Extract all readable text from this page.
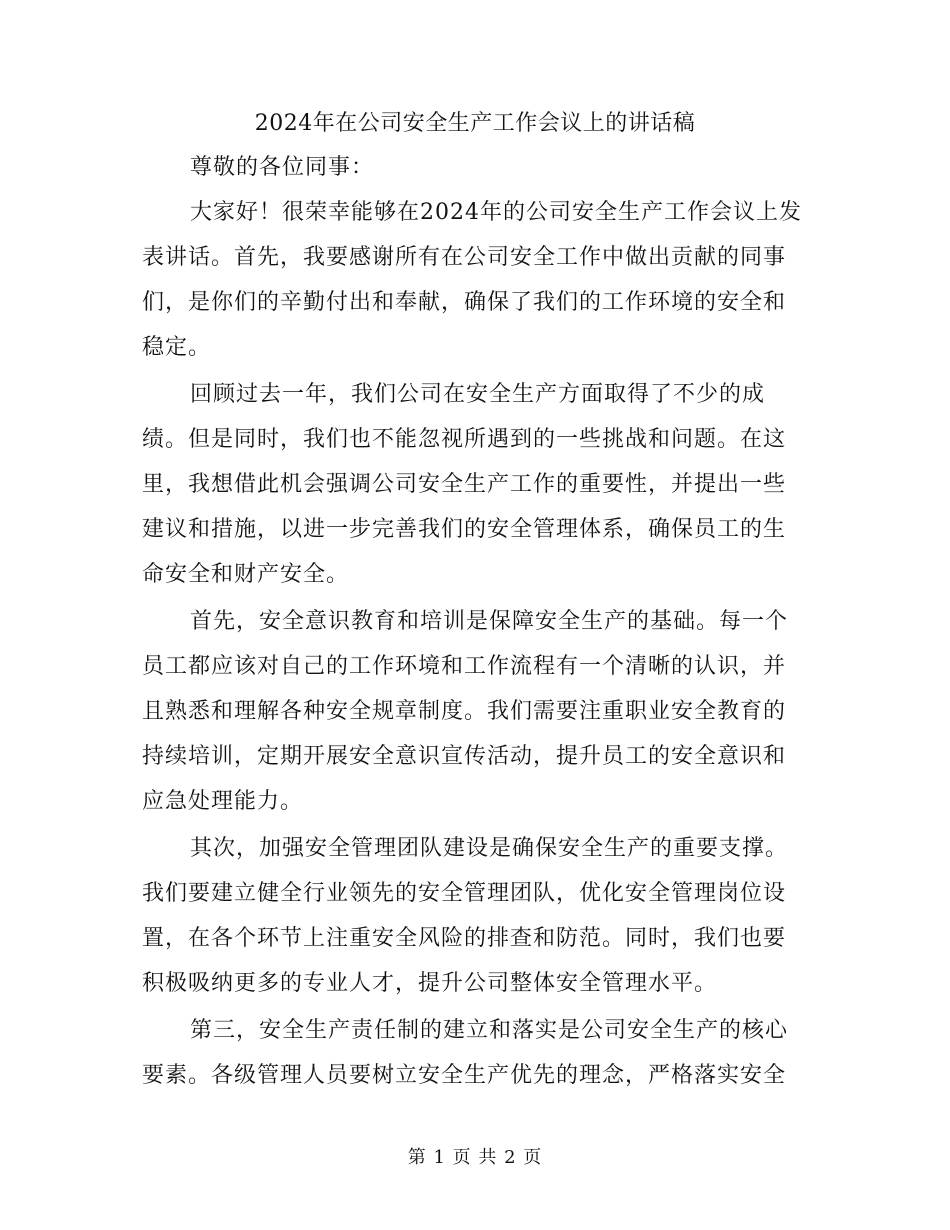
2024年在公司安全生产工作会议上的讲话稿
尊敬的各位同事：
大家好！很荣幸能够在2024年的公司安全生产工作会议上发
表讲话。首先，我要感谢所有在公司安全工作中做出贡献的同事
们，是你们的辛勤付出和奉献，确保了我们的工作环境的安全和
稳定。
回顾过去一年，我们公司在安全生产方面取得了不少的成
绩。但是同时，我们也不能忽视所遇到的一些挑战和问题。在这
里，我想借此机会强调公司安全生产工作的重要性，并提出一些
建议和措施，以进一步完善我们的安全管理体系，确保员工的生
命安全和财产安全。
首先，安全意识教育和培训是保障安全生产的基础。每一个
员工都应该对自己的工作环境和工作流程有一个清晰的认识，并
且熟悉和理解各种安全规章制度。我们需要注重职业安全教育的
持续培训，定期开展安全意识宣传活动，提升员工的安全意识和
应急处理能力。
其次，加强安全管理团队建设是确保安全生产的重要支撑。
我们要建立健全行业领先的安全管理团队，优化安全管理岗位设
置，在各个环节上注重安全风险的排查和防范。同时，我们也要
积极吸纳更多的专业人才，提升公司整体安全管理水平。
第三，安全生产责任制的建立和落实是公司安全生产的核心
要素。各级管理人员要树立安全生产优先的理念，严格落实安全
第 1 页 共 2 页
